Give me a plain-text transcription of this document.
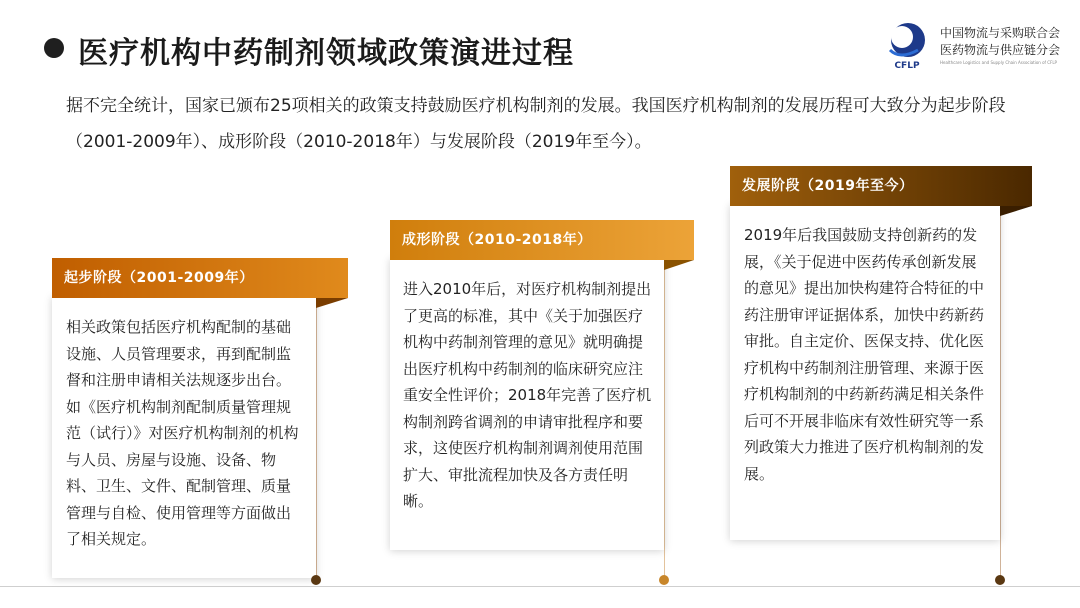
医疗机构中药制剂领域政策演进过程	CFLP
中国物流与采购联合会
医药物流与供应链分会
Healthcare Logistics and Supply Chain Association of CFLP
据不完全统计，国家已颁布25项相关的政策支持鼓励医疗机构制剂的发展。我国医疗机构制剂的发展历程可大致分为起步阶段（2001-2009年）、成形阶段（2010-2018年）与发展阶段（2019年至今）。
起步阶段（2001-2009年）
相关政策包括医疗机构配制的基础设施、人员管理要求，再到配制监督和注册申请相关法规逐步出台。如《医疗机构制剂配制质量管理规范（试行）》对医疗机构制剂的机构与人员、房屋与设施、设备、物料、卫生、文件、配制管理、质量管理与自检、使用管理等方面做出了相关规定。
成形阶段（2010-2018年）
进入2010年后，对医疗机构制剂提出了更高的标准，其中《关于加强医疗机构中药制剂管理的意见》就明确提出医疗机构中药制剂的临床研究应注重安全性评价；2018年完善了医疗机构制剂跨省调剂的申请审批程序和要求，这使医疗机构制剂调剂使用范围扩大、审批流程加快及各方责任明晰。
发展阶段（2019年至今）
2019年后我国鼓励支持创新药的发展，《关于促进中医药传承创新发展的意见》提出加快构建符合特征的中药注册审评证据体系，加快中药新药审批。自主定价、医保支持、优化医疗机构中药制剂注册管理、来源于医疗机构制剂的中药新药满足相关条件后可不开展非临床有效性研究等一系列政策大力推进了医疗机构制剂的发展。
